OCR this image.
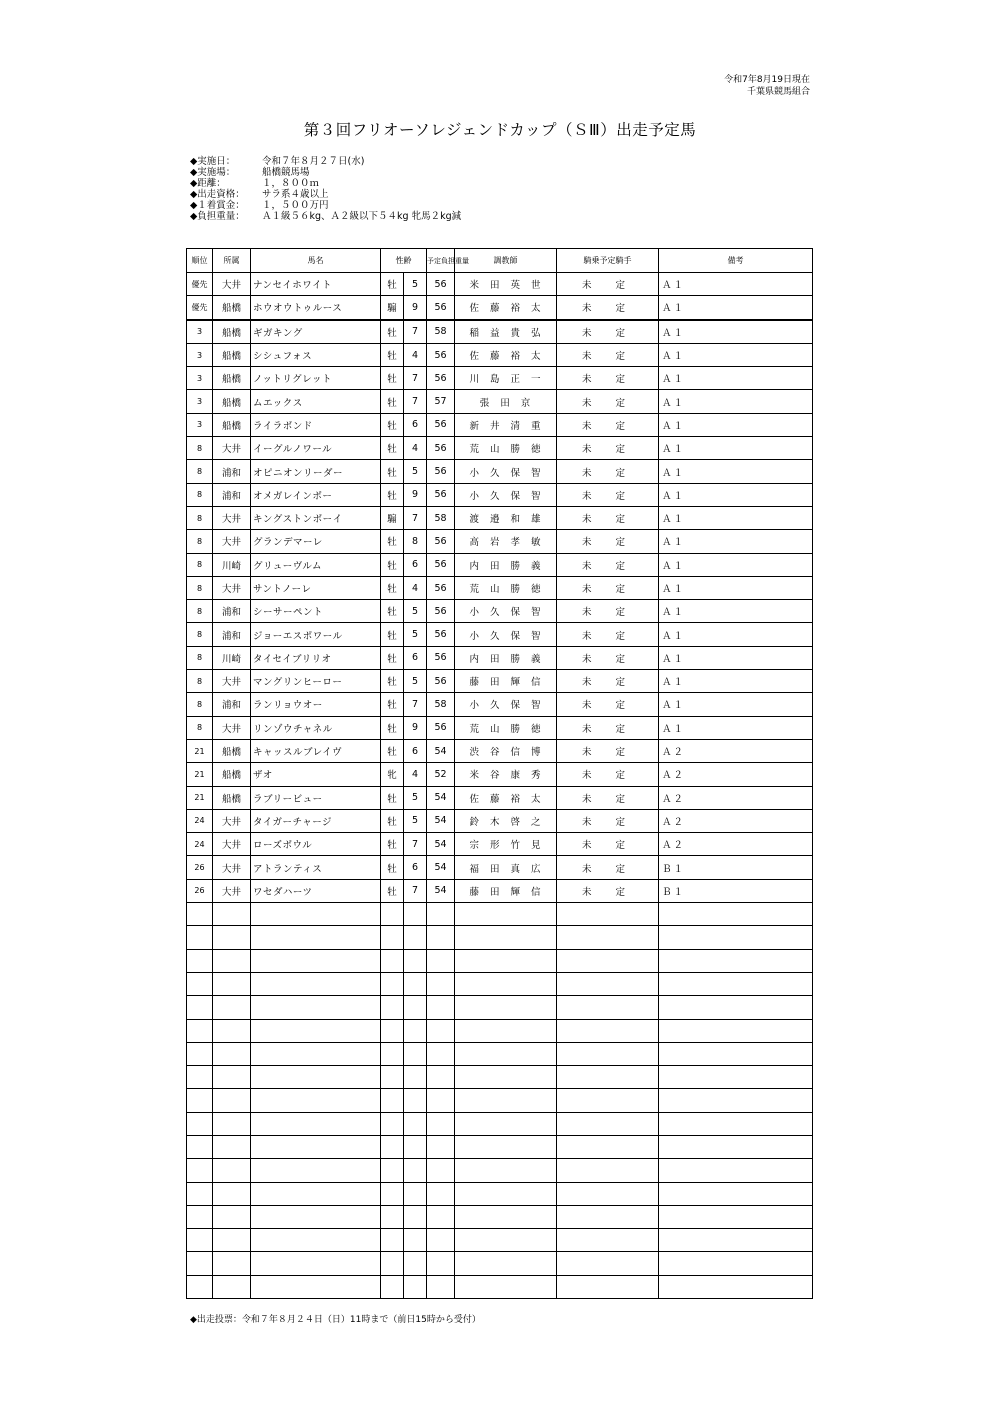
令和7年8月19日現在
千葉県競馬組合
第３回フリオーソレジェンドカップ（ＳⅢ）出走予定馬
◆実施日：	令和７年８月２７日(水)
◆実施場：	船橋競馬場
◆距離：	１，８００ｍ
◆出走資格：	サラ系４歳以上
◆１着賞金：	１，５００万円
◆負担重量：	Ａ１級５６kg、Ａ２級以下５４kg 牝馬２kg減
順位	所属	馬名	性齢		予定負担重量	調教師	騎乗予定騎手	備考
優先	大井	ナンセイホワイト	牡	5	56	米田英世	未定	Ａ１
優先	船橋	ホウオウトゥルース	騸	9	56	佐藤裕太	未定	Ａ１
3	船橋	ギガキング	牡	7	58	稲益貴弘	未定	Ａ１
3	船橋	シシュフォス	牡	4	56	佐藤裕太	未定	Ａ１
3	船橋	ノットリグレット	牡	7	56	川島正一	未定	Ａ１
3	船橋	ムエックス	牡	7	57	張田京	未定	Ａ１
3	船橋	ライラボンド	牡	6	56	新井清重	未定	Ａ１
8	大井	イーグルノワール	牡	4	56	荒山勝徳	未定	Ａ１
8	浦和	オピニオンリーダー	牡	5	56	小久保智	未定	Ａ１
8	浦和	オメガレインボー	牡	9	56	小久保智	未定	Ａ１
8	大井	キングストンボーイ	騸	7	58	渡邉和雄	未定	Ａ１
8	大井	グランデマーレ	牡	8	56	高岩孝敏	未定	Ａ１
8	川崎	グリューヴルム	牡	6	56	内田勝義	未定	Ａ１
8	大井	サントノーレ	牡	4	56	荒山勝徳	未定	Ａ１
8	浦和	シーサーペント	牡	5	56	小久保智	未定	Ａ１
8	浦和	ジョーエスポワール	牡	5	56	小久保智	未定	Ａ１
8	川崎	タイセイブリリオ	牡	6	56	内田勝義	未定	Ａ１
8	大井	マングリンヒーロー	牡	5	56	藤田輝信	未定	Ａ１
8	浦和	ランリョウオー	牡	7	58	小久保智	未定	Ａ１
8	大井	リンゾウチャネル	牡	9	56	荒山勝徳	未定	Ａ１
21	船橋	キャッスルブレイヴ	牡	6	54	渋谷信博	未定	Ａ２
21	船橋	ザオ	牝	4	52	米谷康秀	未定	Ａ２
21	船橋	ラブリービュー	牡	5	54	佐藤裕太	未定	Ａ２
24	大井	タイガーチャージ	牡	5	54	鈴木啓之	未定	Ａ２
24	大井	ローズボウル	牡	7	54	宗形竹見	未定	Ａ２
26	大井	アトランティス	牡	6	54	福田真広	未定	Ｂ１
26	大井	ワセダハーツ	牡	7	54	藤田輝信	未定	Ｂ１

◆出走投票：令和７年８月２４日（日）11時まで（前日15時から受付）
